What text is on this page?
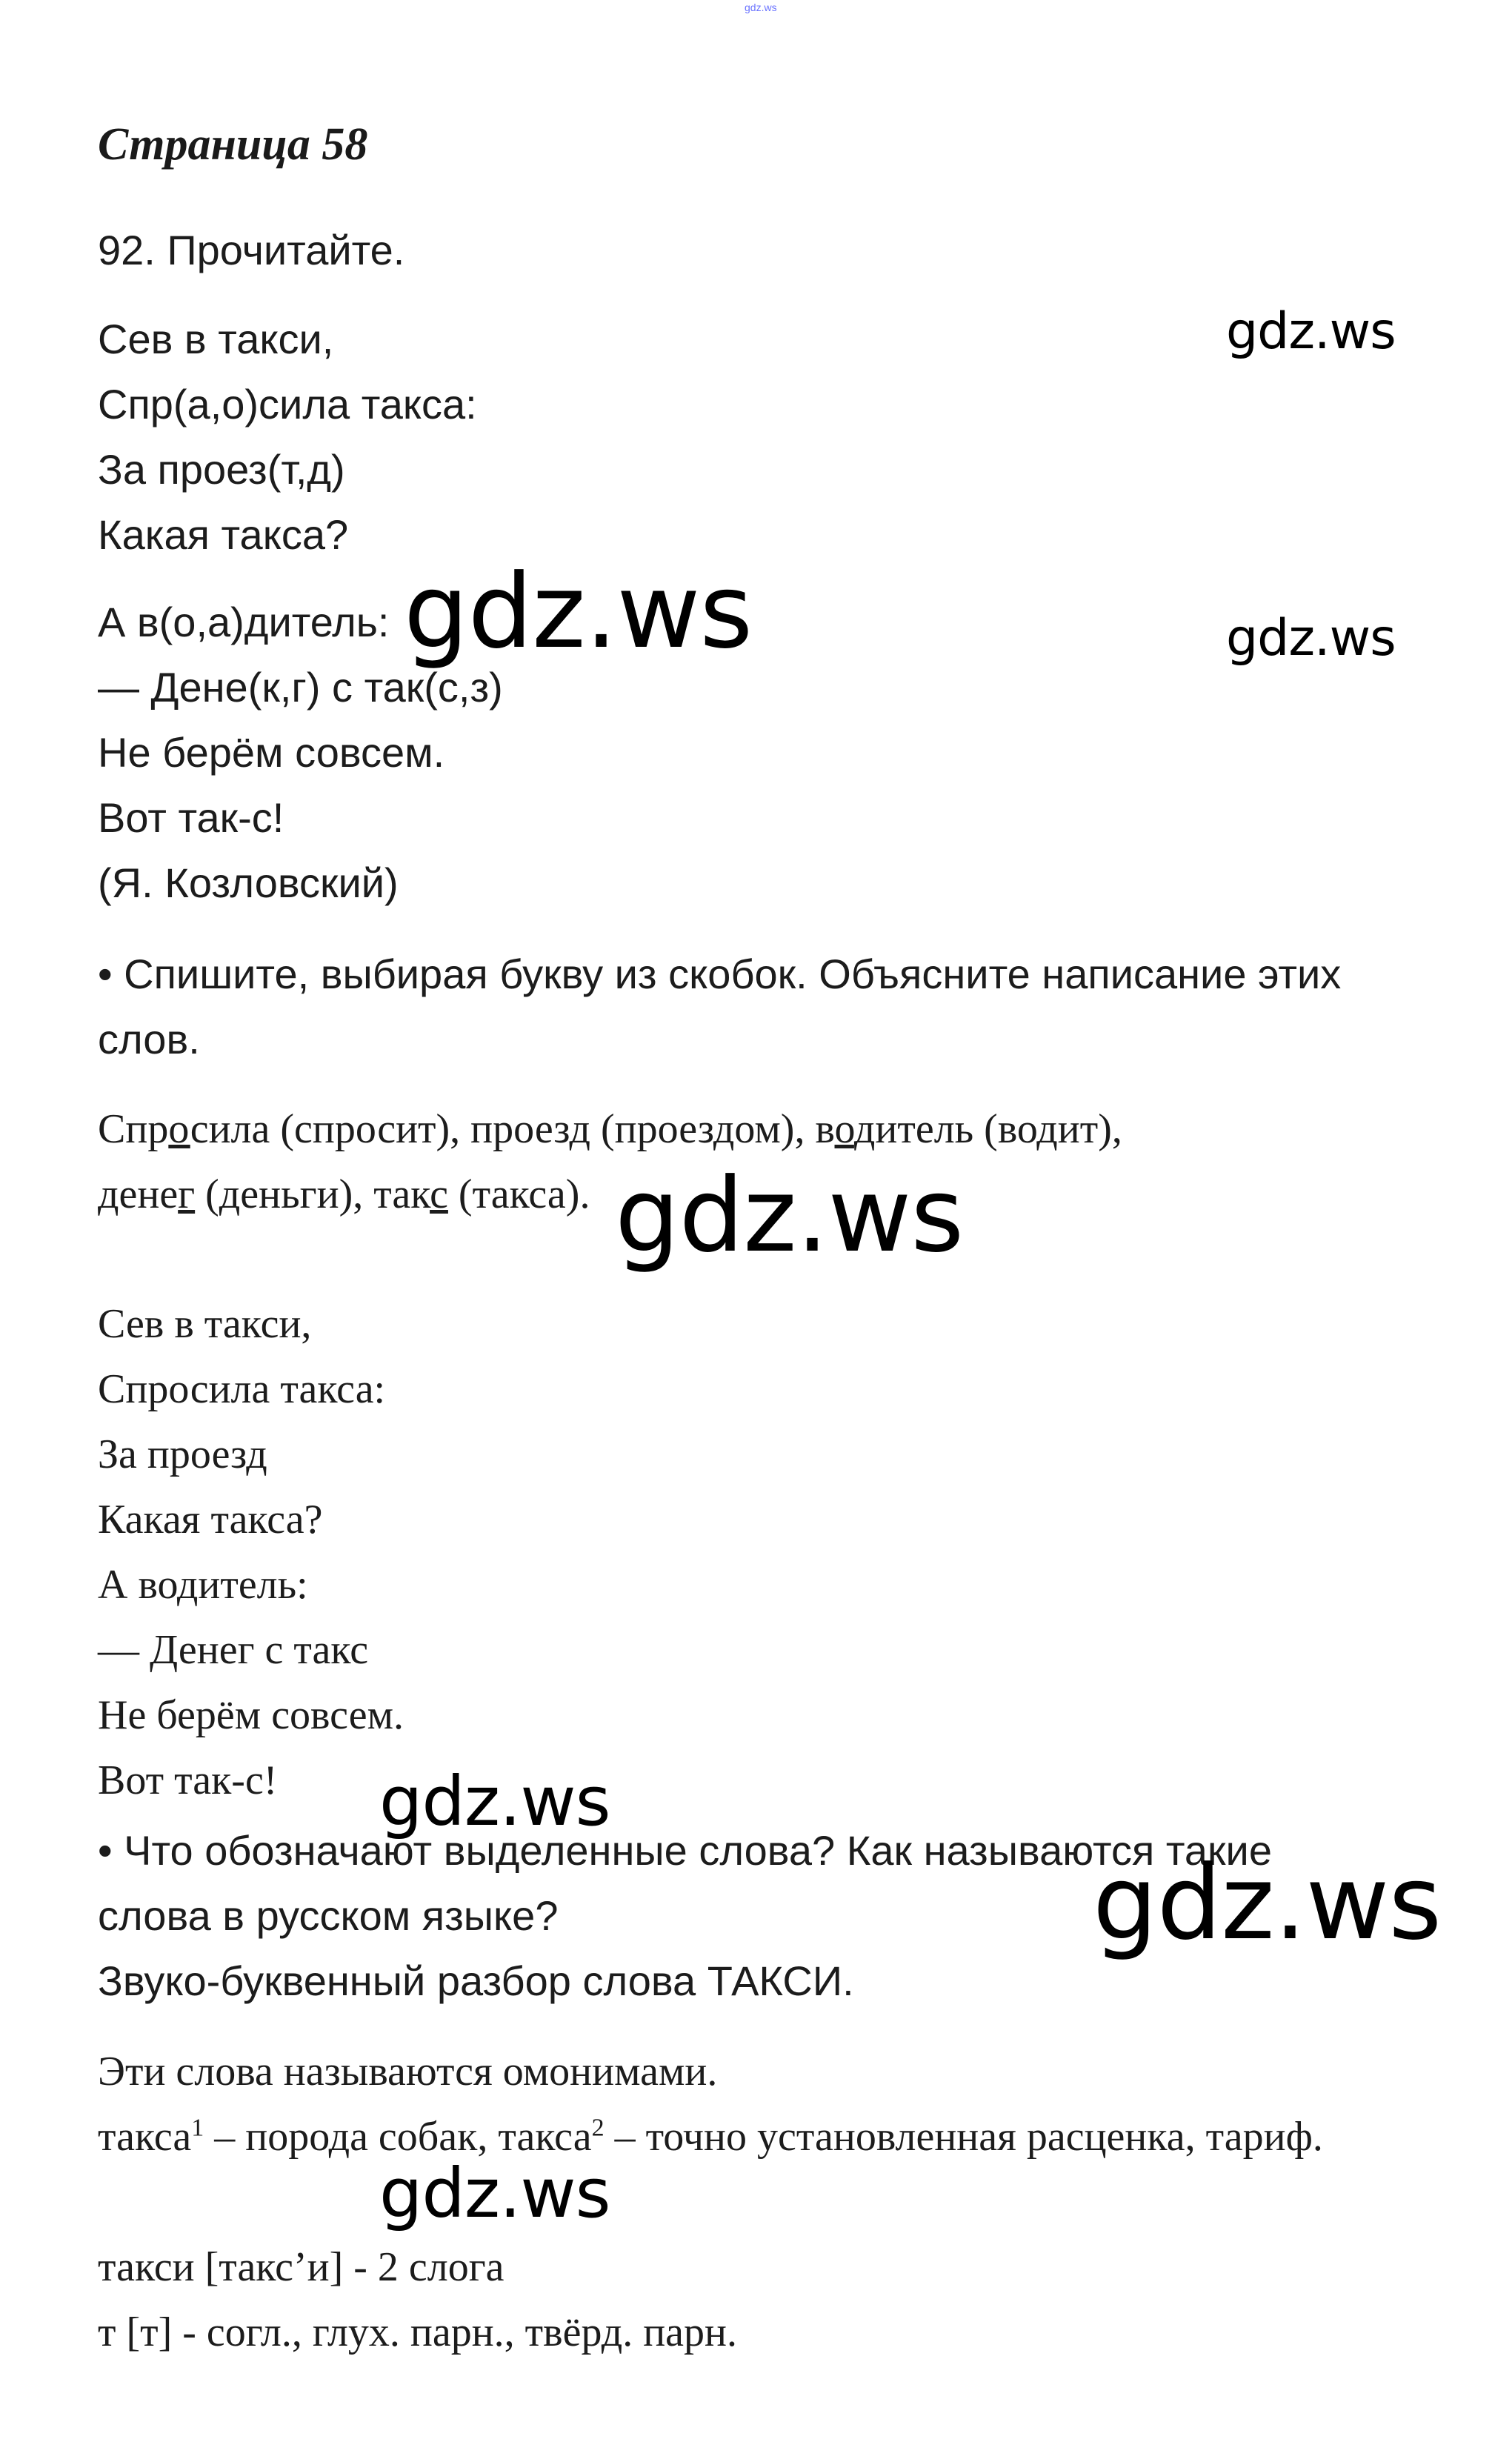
gdz.ws
Страница 58
92. Прочитайте.
Сев в такси,
Спр(а,о)сила такса:
За проез(т,д)
Какая такса?
А в(о,а)дитель:
— Дене(к,г) с так(с,з)
Не берём совсем.
Вот так-с!
(Я. Козловский)
• Спишите, выбирая букву из скобок. Объясните написание этих
слов.
Спросила (спросит), проезд (проездом), водитель (водит),
денег (деньги), такс (такса).
Сев в такси,
Спросила такса:
За проезд
Какая такса?
А водитель:
— Денег с такс
Не берём совсем.
Вот так-с!
• Что обозначают выделенные слова? Как называются такие
слова в русском языке?
Звуко-буквенный разбор слова ТАКСИ.
Эти слова называются омонимами.
такса$^1$ – порода собак, такса$^2$ – точно установленная расценка, тариф.
такси [такс’и] - 2 слога
т [т] - согл., глух. парн., твёрд. парн.
gdz.ws
gdz.ws	gdz.ws
gdz.ws
gdz.ws
gdz.ws
gdz.ws
